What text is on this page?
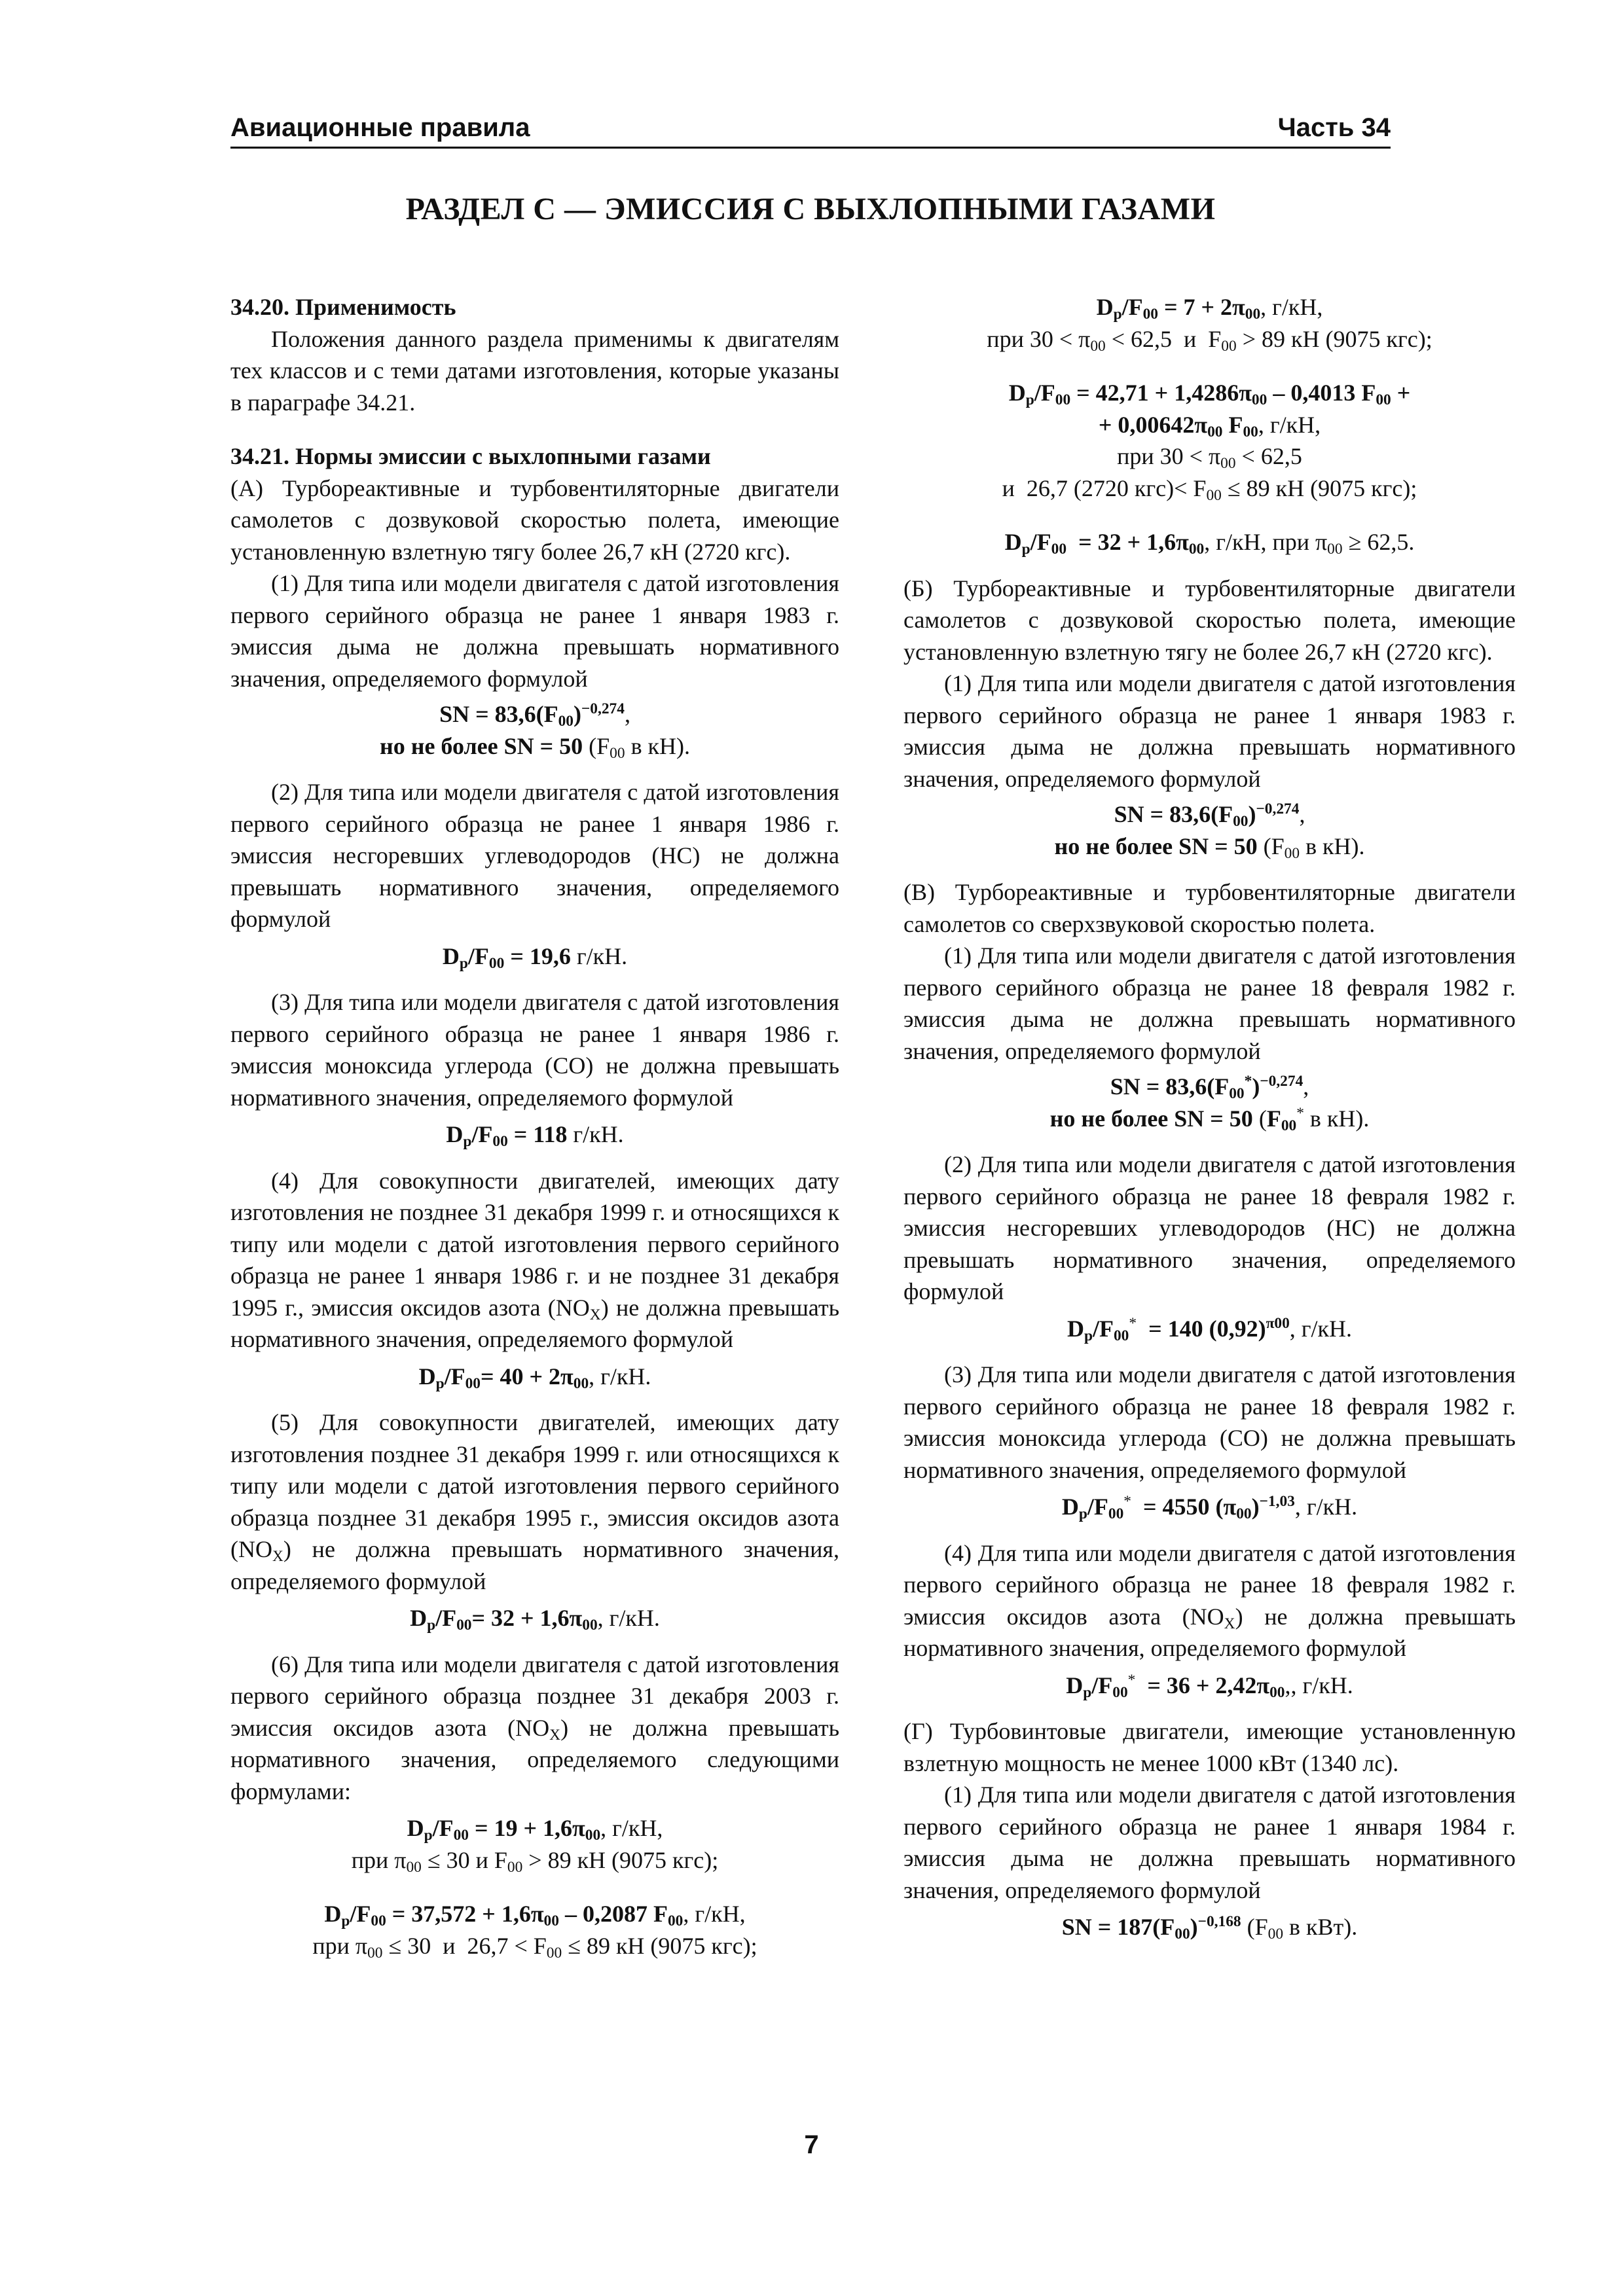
Авиационные правила	Часть 34
РАЗДЕЛ С — ЭМИССИЯ С ВЫХЛОПНЫМИ ГАЗАМИ

34.20. Применимость

Положения данного раздела применимы к двигателям тех классов и с теми датами изготовления, которые указаны в параграфе 34.21.

34.21. Нормы эмиссии с выхлопными газами

(А) Турбореактивные и турбовентиляторные двигатели самолетов с дозвуковой скоростью полета, имеющие установленную взлетную тягу более 26,7 кН (2720 кгс).

(1) Для типа или модели двигателя с датой изготовления первого серийного образца не ранее 1 января 1983 г. эмиссия дыма не должна превышать нормативного значения, определяемого формулой

SN = $83,6(F_{00})^{-0,274}$,

но не более SN = 50 ($F_{00}$ в кН).

(2) Для типа или модели двигателя с датой изготовления первого серийного образца не ранее 1 января 1986 г. эмиссия несгоревших углеводородов (НС) не должна превышать нормативного значения, определяемого формулой

$D_p/F_{00} = 19,6$ г/кН.

(3) Для типа или модели двигателя с датой изготовления первого серийного образца не ранее 1 января 1986 г. эмиссия моноксида углерода (СО) не должна превышать нормативного значения, определяемого формулой

$D_p/F_{00} = 118$ г/кН.

(4) Для совокупности двигателей, имеющих дату изготовления не позднее 31 декабря 1999 г. и относящихся к типу или модели с датой изготовления первого серийного образца не ранее 1 января 1986 г. и не позднее 31 декабря 1995 г., эмиссия оксидов азота $(NO_X)$ не должна превышать нормативного значения, определяемого формулой

$D_p/F_{00}= 40 + 2\pi_{00}$, г/кН.

(5) Для совокупности двигателей, имеющих дату изготовления позднее 31 декабря 1999 г. или относящихся к типу или модели с датой изготовления первого серийного образца позднее 31 декабря 1995 г., эмиссия оксидов азота $(NO_X)$ не должна превышать нормативного значения, определяемого формулой

$D_p/F_{00}= 32 + 1,6\pi_{00}$, г/кН.

(6) Для типа или модели двигателя с датой изготовления первого серийного образца позднее 31 декабря 2003 г. эмиссия оксидов азота $(NO_X)$ не должна превышать нормативного значения, определяемого следующими формулами:

$D_p/F_{00} = 19 + 1,6\pi_{00}$, г/кН,

при $\pi_{00} \le 30$ и $F_{00} > 89$ кН (9075 кгс);

$D_p/F_{00} = 37,572 + 1,6\pi_{00} - 0,2087$ $F_{00}$, г/кН,

при $\pi_{00} \le 30$  и  $26,7 < F_{00} \le 89$ кН (9075 кгс);

$D_p/F_{00} = 7 + 2\pi_{00}$, г/кН,

при $30 < \pi_{00} < 62,5$  и  $F_{00} > 89$ кН (9075 кгс);

$D_p/F_{00} = 42,71 + 1,4286\pi_{00} - 0,4013$ $F_{00}$ +

+ $0,00642\pi_{00}$ $F_{00}$, г/кН,

при $30 < \pi_{00} < 62,5$

и  26,7 (2720 $кгс)< F_{00} \le 89$ кН (9075 кгс);

$D_p/F_{00} = 32 + 1,6\pi_{00}$, г/кН, при $\pi_{00} \ge 62,5$.

(Б) Турбореактивные и турбовентиляторные двигатели самолетов с дозвуковой скоростью полета, имеющие установленную взлетную тягу не более 26,7 кН (2720 кгс).

(1) Для типа или модели двигателя с датой изготовления первого серийного образца не ранее 1 января 1983 г. эмиссия дыма не должна превышать нормативного значения, определяемого формулой

SN = $83,6(F_{00})^{-0,274}$,

но не более SN = 50 ($F_{00}$ в кН).

(В) Турбореактивные и турбовентиляторные двигатели самолетов со сверхзвуковой скоростью полета.

(1) Для типа или модели двигателя с датой изготовления первого серийного образца не ранее 18 февраля 1982 г. эмиссия дыма не должна превышать нормативного значения, определяемого формулой

SN = $83,6(F_{00}^*)^{-0,274}$,

но не более SN = 50 ($F_{00}^*$ в кН).

(2) Для типа или модели двигателя с датой изготовления первого серийного образца не ранее 18 февраля 1982 г. эмиссия несгоревших углеводородов (НС) не должна превышать нормативного значения, определяемого формулой

$D_p/F_{00}^* = 140$ $(0,92)^{\pi 00}$, г/кН.

(3) Для типа или модели двигателя с датой изготовления первого серийного образца не ранее 18 февраля 1982 г. эмиссия моноксида углерода (СО) не должна превышать нормативного значения, определяемого формулой

$D_p/F_{00}^* = 4550$ $(\pi_{00})^{-1,03}$, г/кН.

(4) Для типа или модели двигателя с датой изготовления первого серийного образца не ранее 18 февраля 1982 г. эмиссия оксидов азота $(NO_X)$ не должна превышать нормативного значения, определяемого формулой

$D_p/F_{00}^* = 36 + 2,42\pi_{00}$,, г/кН.

(Г) Турбовинтовые двигатели, имеющие установленную взлетную мощность не менее 1000 кВт (1340 лс).

(1) Для типа или модели двигателя с датой изготовления первого серийного образца не ранее 1 января 1984 г. эмиссия дыма не должна превышать нормативного значения, определяемого формулой

SN = $187(F_{00})^{-0,168}$ ($F_{00}$ в кВт).

7
